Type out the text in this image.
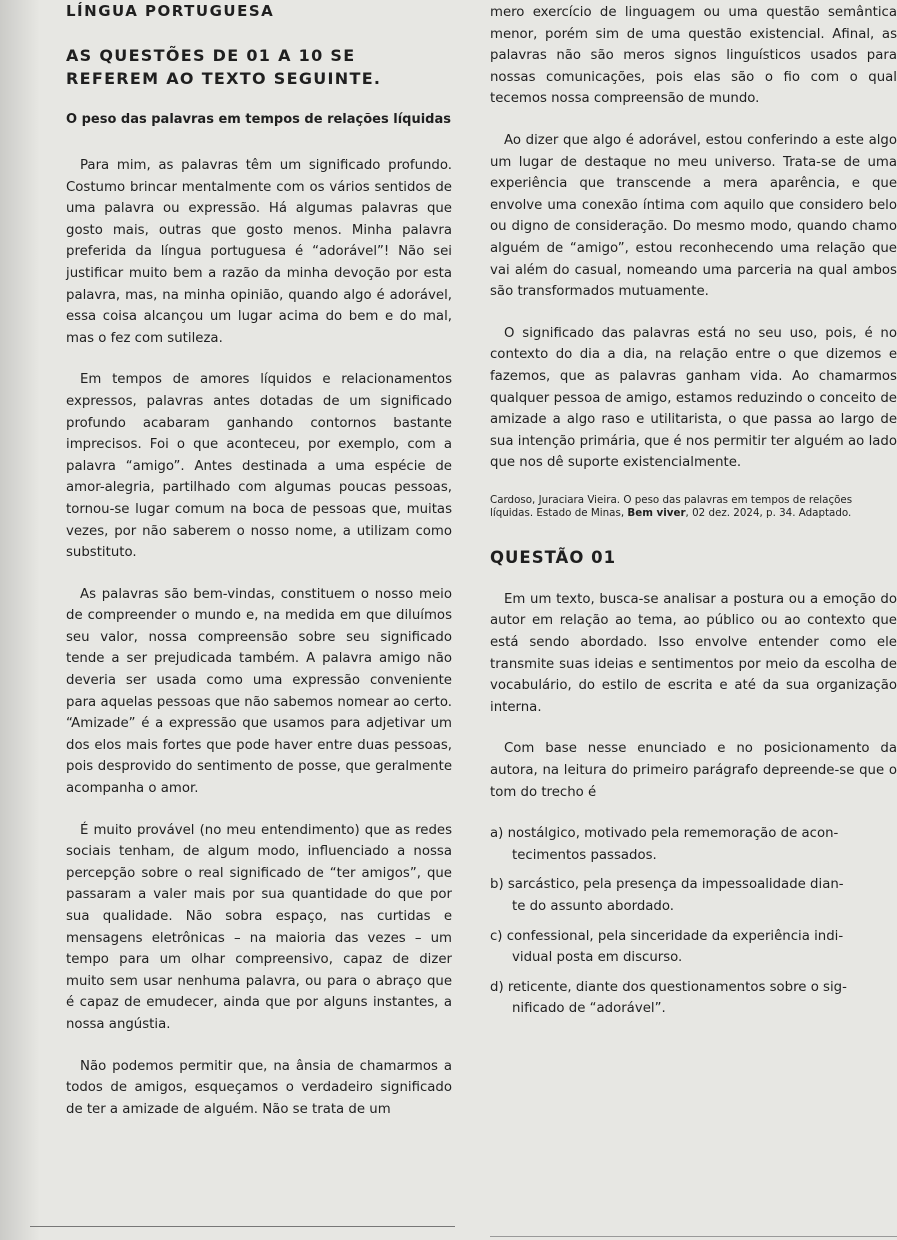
LÍNGUA PORTUGUESA
AS QUESTÕES DE 01 A 10 SE REFEREM AO TEXTO SEGUINTE.
O peso das palavras em tempos de relações líquidas

Para mim, as palavras têm um significado profundo. Costumo brincar mentalmente com os vários sentidos de uma palavra ou expressão. Há algumas palavras que gosto mais, outras que gosto menos. Minha palavra preferida da língua portuguesa é “adorável”! Não sei justificar muito bem a razão da minha devoção por esta palavra, mas, na minha opinião, quando algo é adorável, essa coisa alcançou um lugar acima do bem e do mal, mas o fez com sutileza.

Em tempos de amores líquidos e relacionamentos expressos, palavras antes dotadas de um significado profundo acabaram ganhando contornos bastante imprecisos. Foi o que aconteceu, por exemplo, com a palavra “amigo”. Antes destinada a uma espécie de amor-alegria, partilhado com algumas poucas pessoas, tornou-se lugar comum na boca de pessoas que, muitas vezes, por não saberem o nosso nome, a utilizam como substituto.

As palavras são bem-vindas, constituem o nosso meio de compreender o mundo e, na medida em que diluímos seu valor, nossa compreensão sobre seu significado tende a ser prejudicada também. A palavra amigo não deveria ser usada como uma expressão conveniente para aquelas pessoas que não sabemos nomear ao certo. “Amizade” é a expressão que usamos para adjetivar um dos elos mais fortes que pode haver entre duas pessoas, pois desprovido do sentimento de posse, que geralmente acompanha o amor.

É muito provável (no meu entendimento) que as redes sociais tenham, de algum modo, influenciado a nossa percepção sobre o real significado de “ter amigos”, que passaram a valer mais por sua quantidade do que por sua qualidade. Não sobra espaço, nas curtidas e mensagens eletrônicas – na maioria das vezes – um tempo para um olhar compreensivo, capaz de dizer muito sem usar nenhuma palavra, ou para o abraço que é capaz de emudecer, ainda que por alguns instantes, a nossa angústia.

Não podemos permitir que, na ânsia de chamarmos a todos de amigos, esqueçamos o verdadeiro significado de ter a amizade de alguém. Não se trata de um

mero exercício de linguagem ou uma questão semântica menor, porém sim de uma questão existencial. Afinal, as palavras não são meros signos linguísticos usados para nossas comunicações, pois elas são o fio com o qual tecemos nossa compreensão de mundo.

Ao dizer que algo é adorável, estou conferindo a este algo um lugar de destaque no meu universo. Trata-se de uma experiência que transcende a mera aparência, e que envolve uma conexão íntima com aquilo que considero belo ou digno de consideração. Do mesmo modo, quando chamo alguém de “amigo”, estou reconhecendo uma relação que vai além do casual, nomeando uma parceria na qual ambos são transformados mutuamente.

O significado das palavras está no seu uso, pois, é no contexto do dia a dia, na relação entre o que dizemos e fazemos, que as palavras ganham vida. Ao chamarmos qualquer pessoa de amigo, estamos reduzindo o conceito de amizade a algo raso e utilitarista, o que passa ao largo de sua intenção primária, que é nos permitir ter alguém ao lado que nos dê suporte existencialmente.

Cardoso, Juraciara Vieira. O peso das palavras em tempos de relações líquidas. Estado de Minas, Bem viver, 02 dez. 2024, p. 34. Adaptado.
QUESTÃO 01

Em um texto, busca-se analisar a postura ou a emoção do autor em relação ao tema, ao público ou ao contexto que está sendo abordado. Isso envolve entender como ele transmite suas ideias e sentimentos por meio da escolha de vocabulário, do estilo de escrita e até da sua organização interna.

Com base nesse enunciado e no posicionamento da autora, na leitura do primeiro parágrafo depreende-se que o tom do trecho é

a) nostálgico, motivado pela rememoração de acon-
tecimentos passados.
b) sarcástico, pela presença da impessoalidade dian-
te do assunto abordado.
c) confessional, pela sinceridade da experiência indi-
vidual posta em discurso.
d) reticente, diante dos questionamentos sobre o sig-
nificado de “adorável”.
